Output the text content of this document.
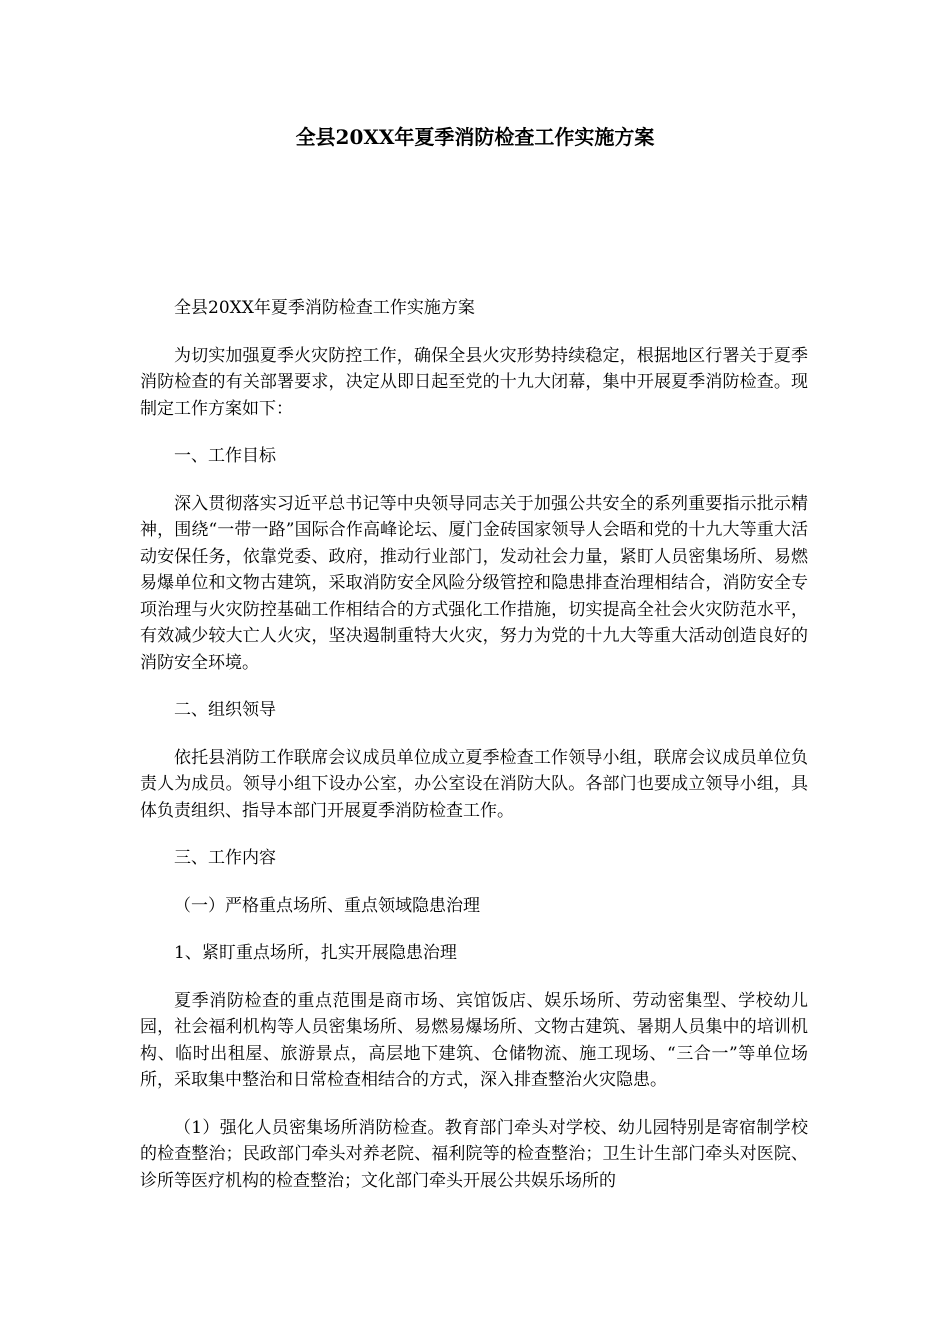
全县20XX年夏季消防检查工作实施方案

全县20XX年夏季消防检查工作实施方案

为切实加强夏季火灾防控工作，确保全县火灾形势持续稳定，根据地区行署关于夏季消防检查的有关部署要求，决定从即日起至党的十九大闭幕，集中开展夏季消防检查。现制定工作方案如下：

一、工作目标

深入贯彻落实习近平总书记等中央领导同志关于加强公共安全的系列重要指示批示精神，围绕“一带一路”国际合作高峰论坛、厦门金砖国家领导人会晤和党的十九大等重大活动安保任务，依靠党委、政府，推动行业部门，发动社会力量，紧盯人员密集场所、易燃易爆单位和文物古建筑，采取消防安全风险分级管控和隐患排查治理相结合，消防安全专项治理与火灾防控基础工作相结合的方式强化工作措施，切实提高全社会火灾防范水平，有效减少较大亡人火灾，坚决遏制重特大火灾，努力为党的十九大等重大活动创造良好的消防安全环境。

二、组织领导

依托县消防工作联席会议成员单位成立夏季检查工作领导小组，联席会议成员单位负责人为成员。领导小组下设办公室，办公室设在消防大队。各部门也要成立领导小组，具体负责组织、指导本部门开展夏季消防检查工作。

三、工作内容

（一）严格重点场所、重点领域隐患治理

1、紧盯重点场所，扎实开展隐患治理

夏季消防检查的重点范围是商市场、宾馆饭店、娱乐场所、劳动密集型、学校幼儿园，社会福利机构等人员密集场所、易燃易爆场所、文物古建筑、暑期人员集中的培训机构、临时出租屋、旅游景点，高层地下建筑、仓储物流、施工现场、“三合一”等单位场所，采取集中整治和日常检查相结合的方式，深入排查整治火灾隐患。

（1）强化人员密集场所消防检查。教育部门牵头对学校、幼儿园特别是寄宿制学校的检查整治；民政部门牵头对养老院、福利院等的检查整治；卫生计生部门牵头对医院、诊所等医疗机构的检查整治；文化部门牵头开展公共娱乐场所的
